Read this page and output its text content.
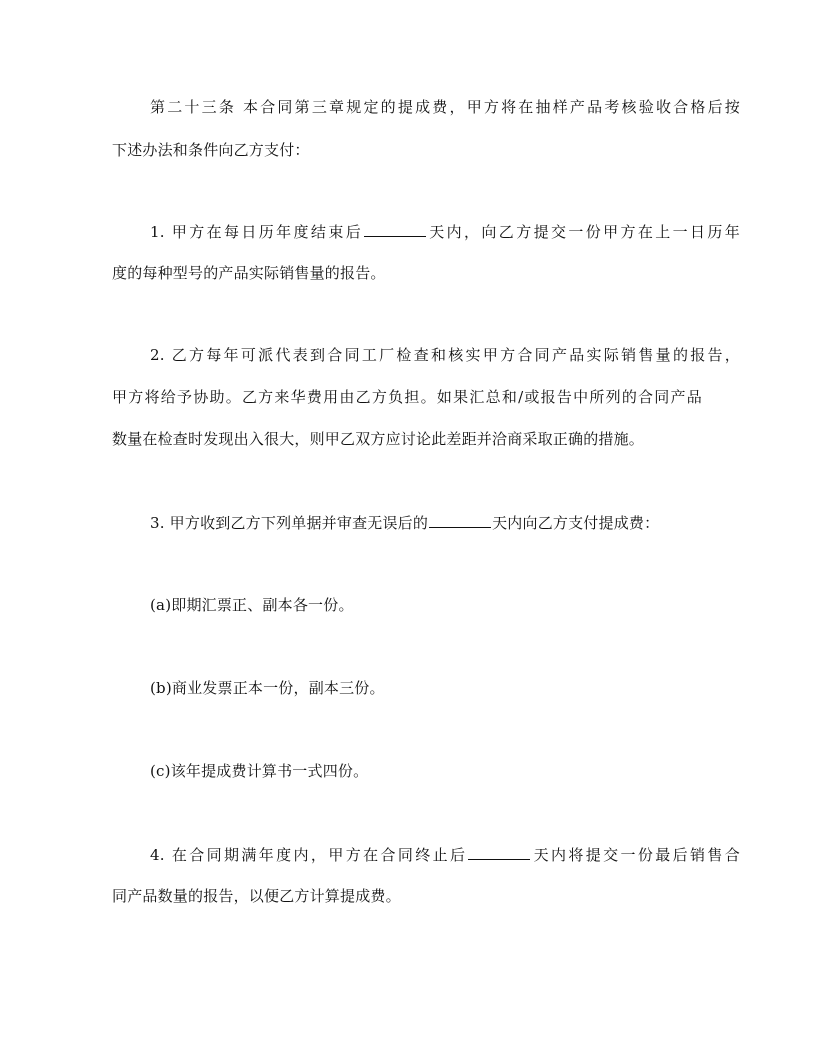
第二十三条 本合同第三章规定的提成费，甲方将在抽样产品考核验收合格后按
下述办法和条件向乙方支付：
1. 甲方在每日历年度结束后	天内，向乙方提交一份甲方在上一日历年
度的每种型号的产品实际销售量的报告。
2. 乙方每年可派代表到合同工厂检查和核实甲方合同产品实际销售量的报告，
甲方将给予协助。乙方来华费用由乙方负担。如果汇总和/或报告中所列的合同产品
数量在检查时发现出入很大，则甲乙双方应讨论此差距并洽商采取正确的措施。
3. 甲方收到乙方下列单据并审查无误后的	天内向乙方支付提成费：
(a)即期汇票正、副本各一份。
(b)商业发票正本一份，副本三份。
(c)该年提成费计算书一式四份。
4. 在合同期满年度内，甲方在合同终止后	天内将提交一份最后销售合
同产品数量的报告，以便乙方计算提成费。
